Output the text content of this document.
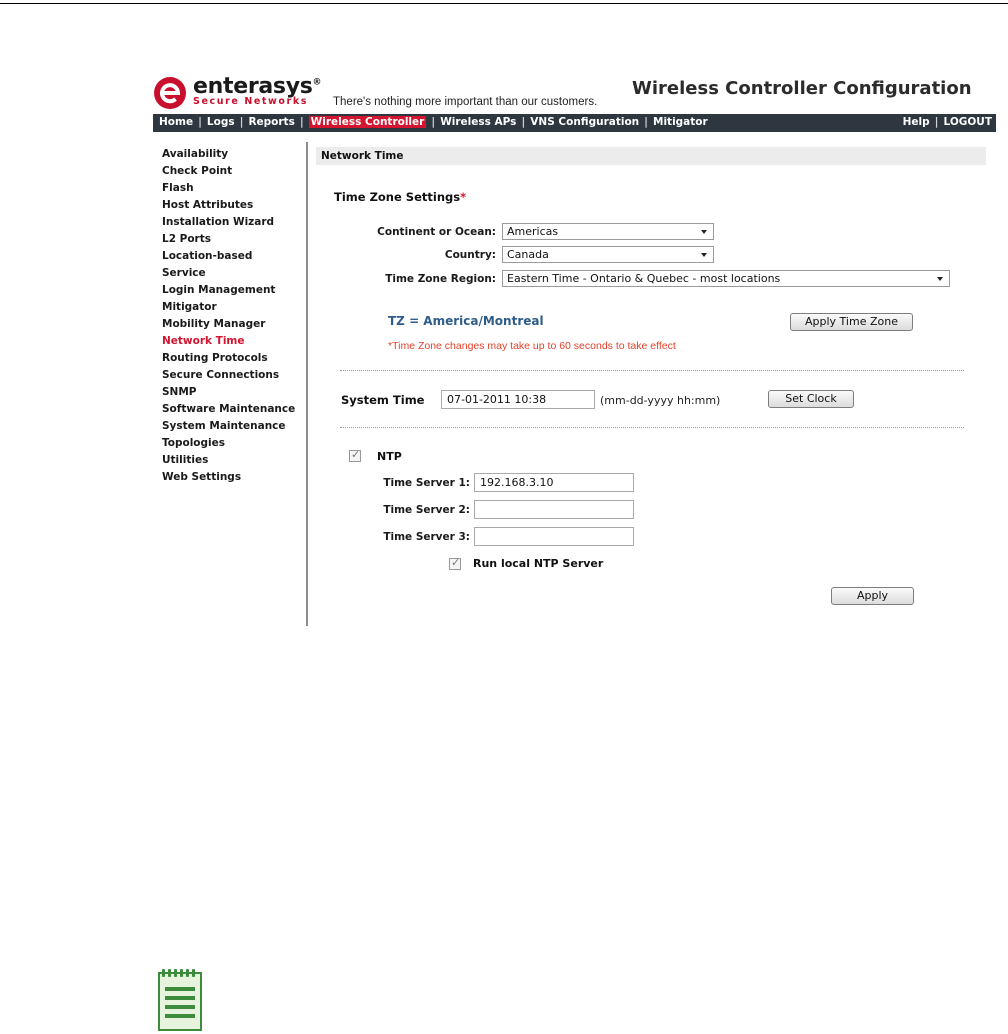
enterasys®
Secure Networks There's nothing more important than our customers.
Wireless Controller Configuration
Home | Logs | Reports | Wireless Controller | Wireless APs | VNS Configuration | Mitigator	Help | LOGOUT
Availability
Check Point
Flash
Host Attributes
Installation Wizard
L2 Ports
Location-based
Service
Login Management
Mitigator
Mobility Manager
Network Time
Routing Protocols
Secure Connections
SNMP
Software Maintenance
System Maintenance
Topologies
Utilities
Web Settings
Network Time
Time Zone Settings*
Continent or Ocean:	Americas
Country:	Canada
Time Zone Region:	Eastern Time - Ontario & Quebec - most locations
TZ = America/Montreal	Apply Time Zone
*Time Zone changes may take up to 60 seconds to take effect
System Time	07-01-2011 10:38	(mm-dd-yyyy hh:mm)	Set Clock
✓
NTP
Time Server 1: 192.168.3.10
Time Server 2:
Time Server 3:
✓
Run local NTP Server
Apply
